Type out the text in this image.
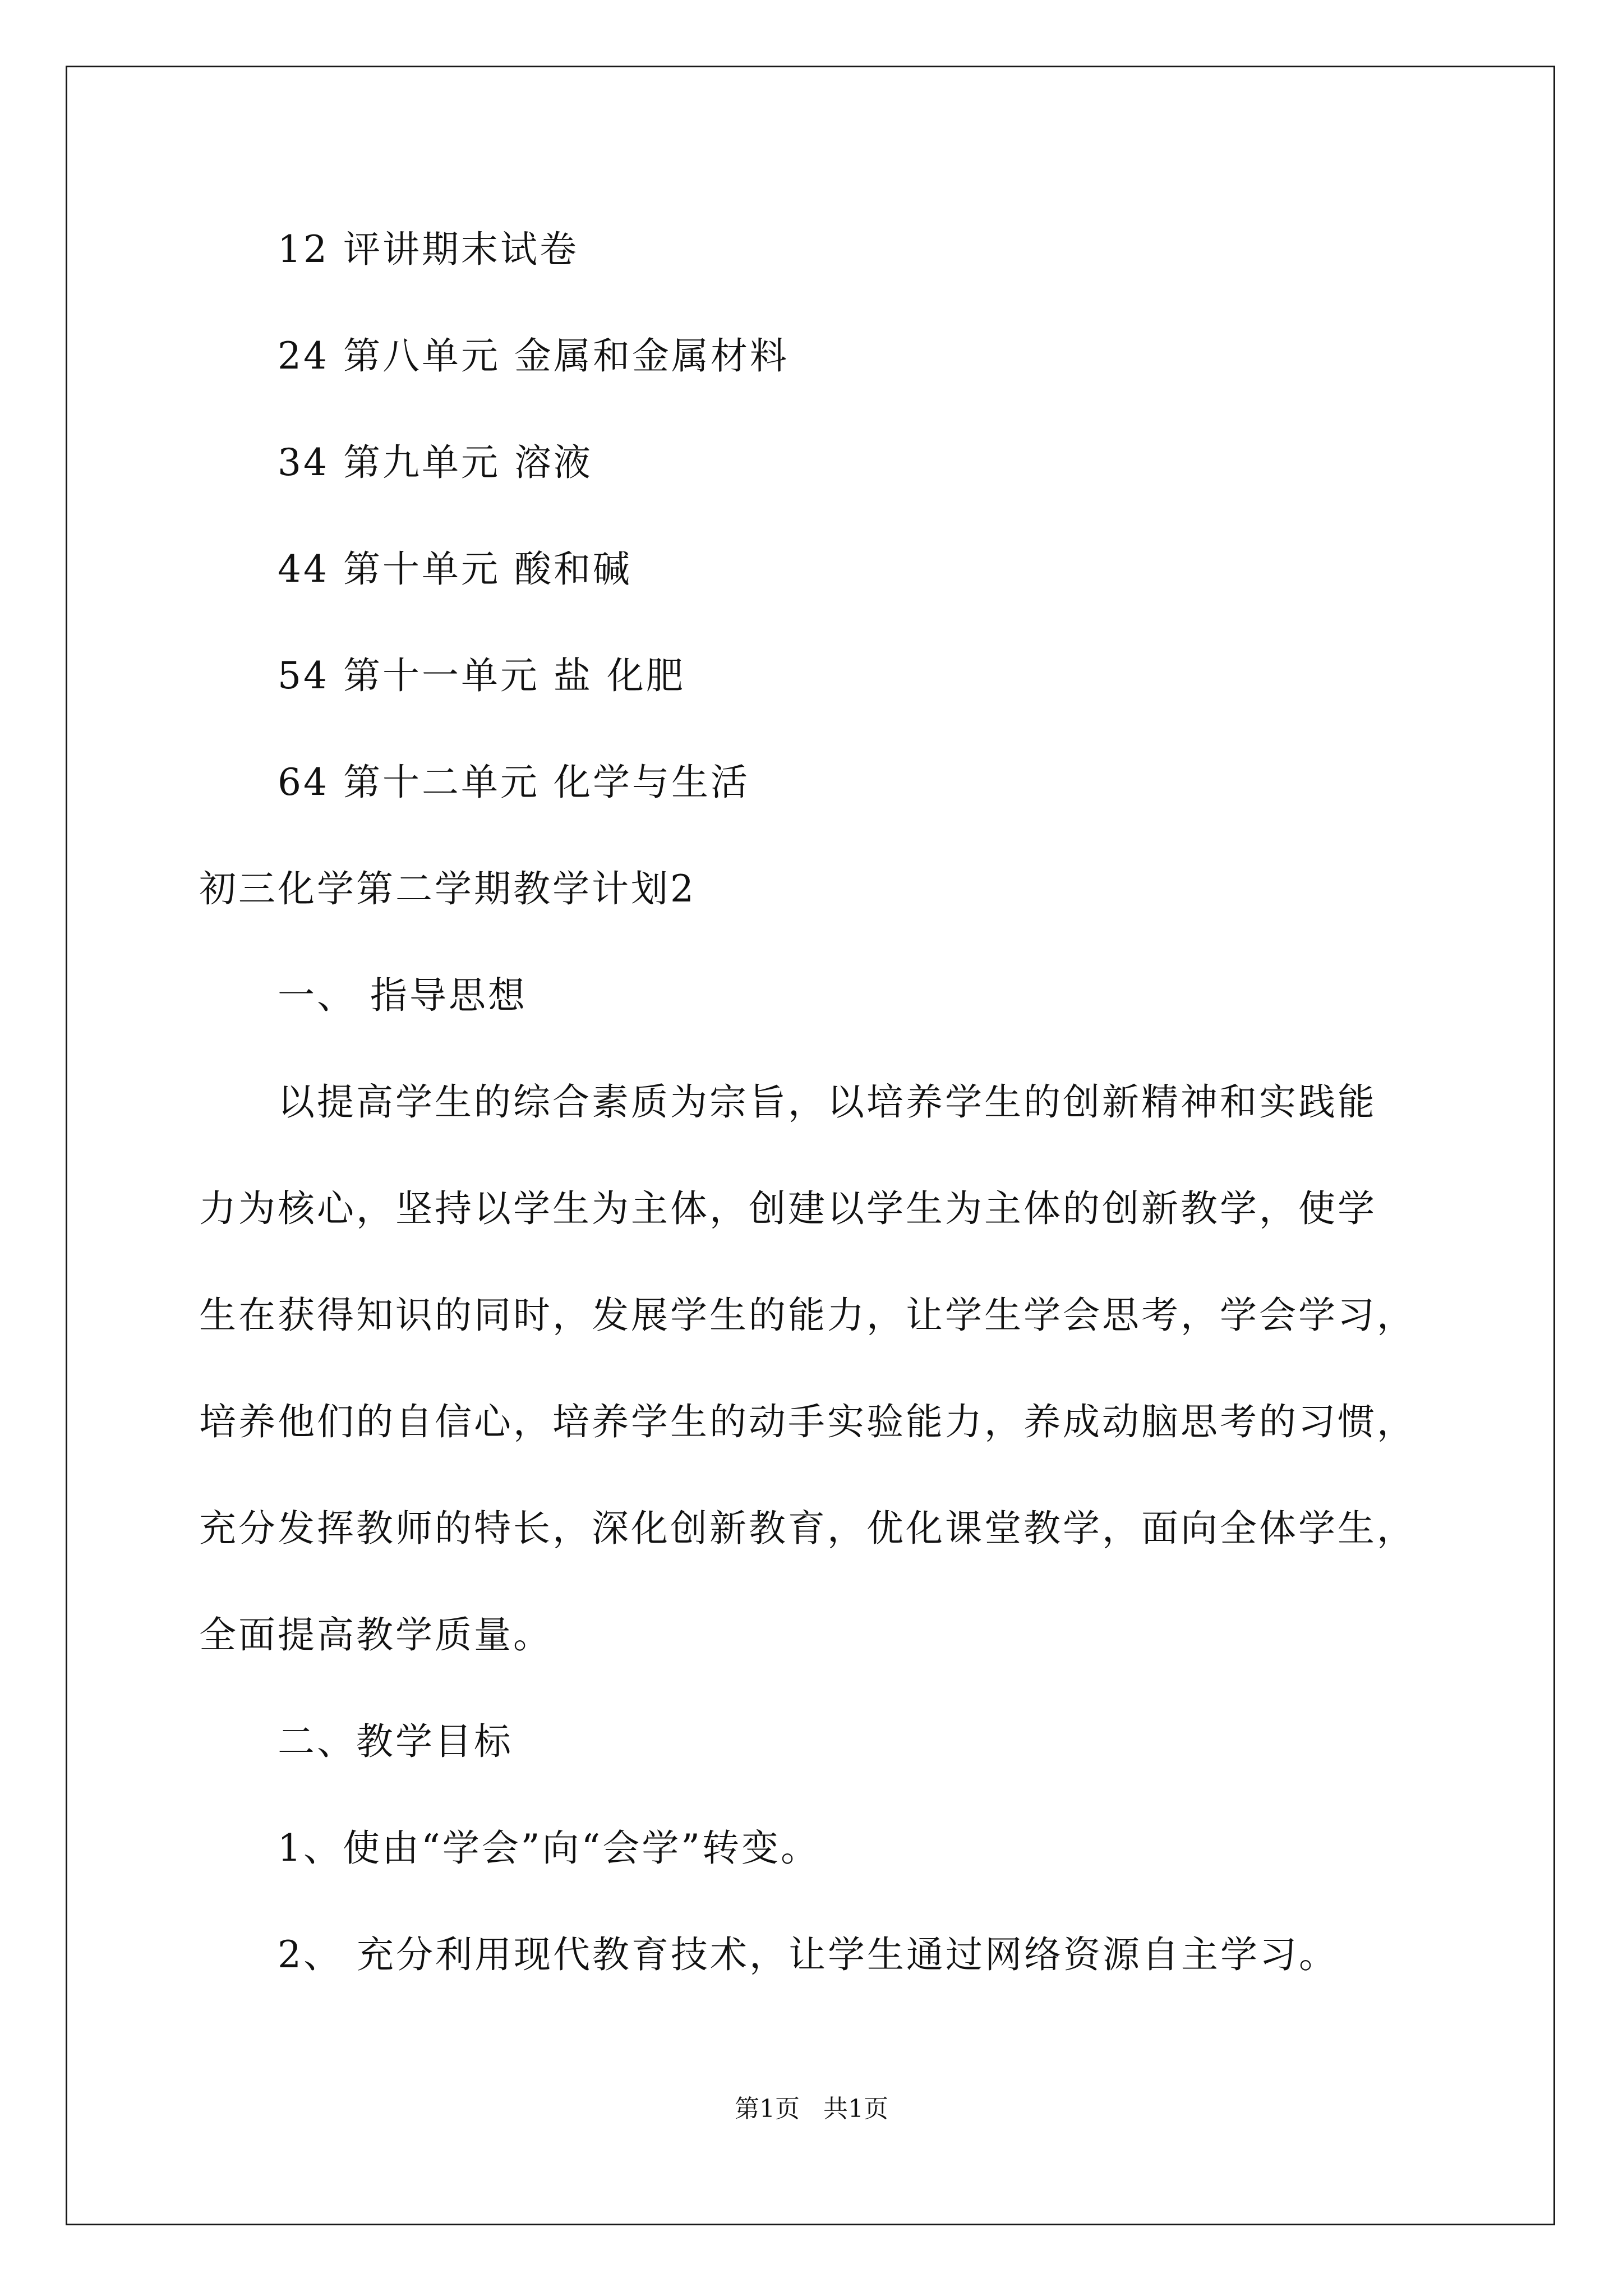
12 评讲期末试卷
24 第八单元 金属和金属材料
34 第九单元 溶液
44 第十单元 酸和碱
54 第十一单元 盐 化肥
64 第十二单元 化学与生活
初三化学第二学期教学计划2
一、 指导思想
以提高学生的综合素质为宗旨，以培养学生的创新精神和实践能
力为核心，坚持以学生为主体，创建以学生为主体的创新教学，使学
生在获得知识的同时，发展学生的能力，让学生学会思考，学会学习，
培养他们的自信心，培养学生的动手实验能力，养成动脑思考的习惯，
充分发挥教师的特长，深化创新教育，优化课堂教学，面向全体学生，
全面提高教学质量。
二、教学目标
1、使由“学会”向“会学”转变。
2、 充分利用现代教育技术，让学生通过网络资源自主学习。
第1页   共1页
